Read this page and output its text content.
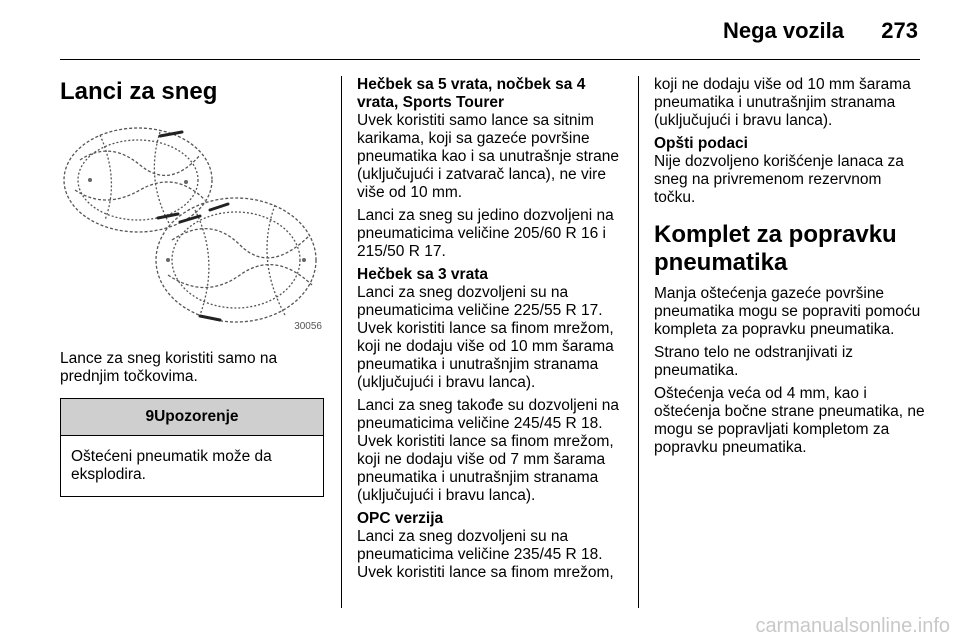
Nega vozila 273
Lanci za sneg
30056

Lance za sneg koristiti samo na prednjim točkovima.

9Upozorenje
Oštećeni pneumatik može da eksplodira.

Hečbek sa 5 vrata, nočbek sa 4 vrata, Sports Tourer
Uvek koristiti samo lance sa sitnim karikama, koji sa gazeće površine pneumatika kao i sa unutrašnje strane (uključujući i zatvarač lanca), ne vire više od 10 mm.

Lanci za sneg su jedino dozvoljeni na pneumaticima veličine 205/60 R 16 i 215/50 R 17.

Hečbek sa 3 vrata
Lanci za sneg dozvoljeni su na pneumaticima veličine 225/55 R 17. Uvek koristiti lance sa finom mrežom, koji ne dodaju više od 10 mm šarama pneumatika i unutrašnjim stranama (uključujući i bravu lanca).

Lanci za sneg takođe su dozvoljeni na pneumaticima veličine 245/45 R 18. Uvek koristiti lance sa finom mrežom, koji ne dodaju više od 7 mm šarama pneumatika i unutrašnjim stranama (uključujući i bravu lanca).

OPC verzija
Lanci za sneg dozvoljeni su na pneumaticima veličine 235/45 R 18. Uvek koristiti lance sa finom mrežom,

koji ne dodaju više od 10 mm šarama pneumatika i unutrašnjim stranama (uključujući i bravu lanca).

Opšti podaci
Nije dozvoljeno korišćenje lanaca za sneg na privremenom rezervnom točku.

Komplet za popravku pneumatika

Manja oštećenja gazeće površine pneumatika mogu se popraviti pomoću kompleta za popravku pneumatika.

Strano telo ne odstranjivati iz pneumatika.

Oštećenja veća od 4 mm, kao i oštećenja bočne strane pneumatika, ne mogu se popravljati kompletom za popravku pneumatika.

carmanualsonline.info
